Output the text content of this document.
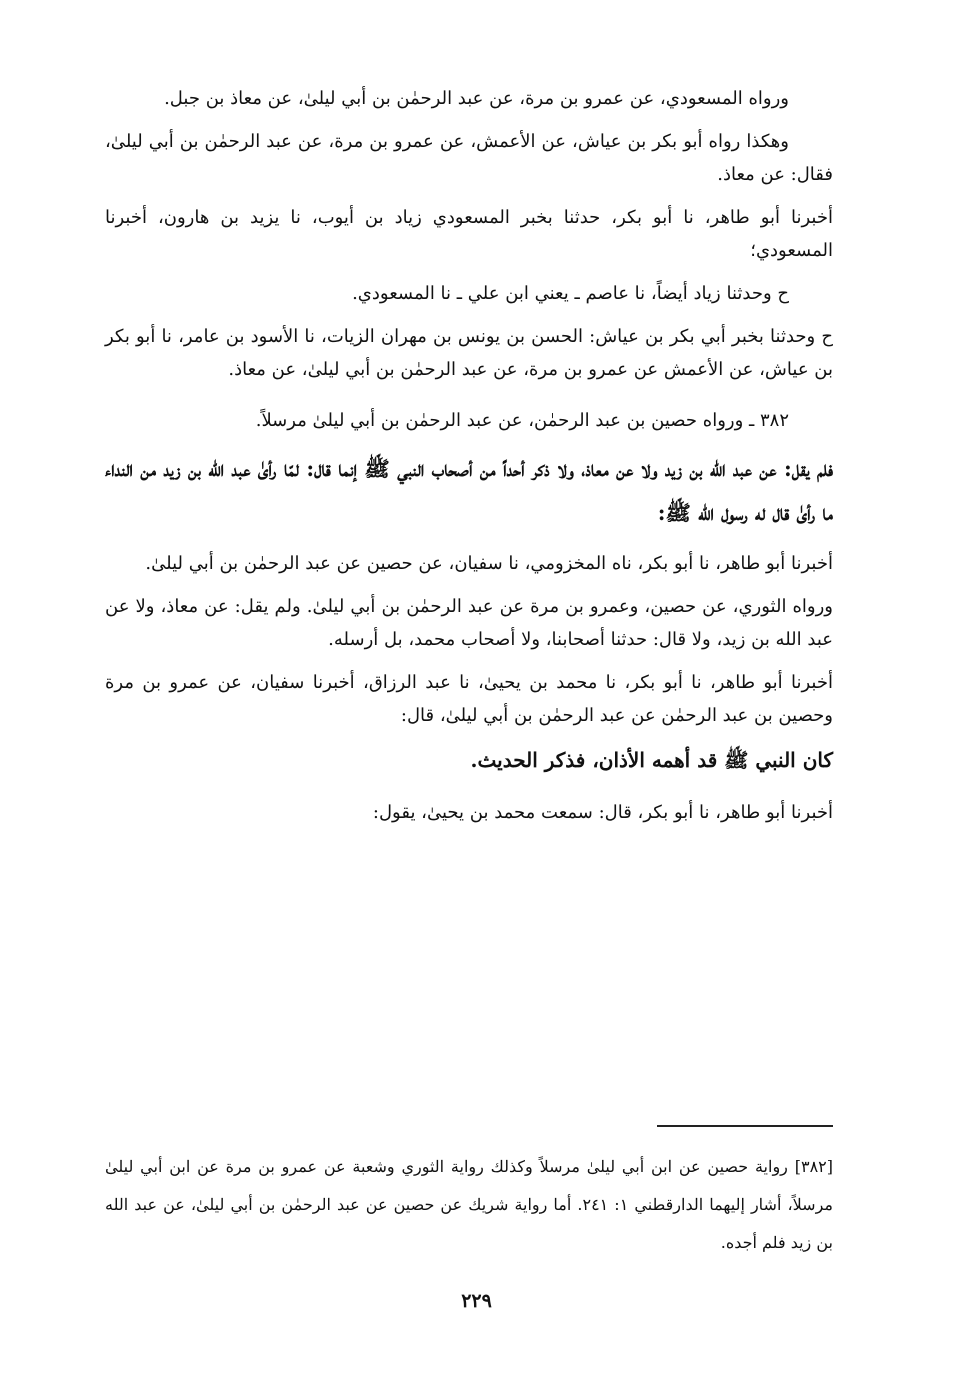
ورواه المسعودي، عن عمرو بن مرة، عن عبد الرحمٰن بن أبي ليلىٰ، عن معاذ بن جبل.

وهكذا رواه أبو بكر بن عياش، عن الأعمش، عن عمرو بن مرة، عن عبد الرحمٰن بن أبي ليلىٰ، فقال: عن معاذ.

أخبرنا أبو طاهر، نا أبو بكر، حدثنا بخبر المسعودي زياد بن أيوب، نا يزيد بن هارون، أخبرنا المسعودي؛

ح وحدثنا زياد أيضاً، نا عاصم ـ يعني ابن علي ـ نا المسعودي.

ح وحدثنا بخبر أبي بكر بن عياش: الحسن بن يونس بن مهران الزيات، نا الأسود بن عامر، نا أبو بكر بن عياش، عن الأعمش عن عمرو بن مرة، عن عبد الرحمٰن بن أبي ليلىٰ، عن معاذ.

٣٨٢ ـ ورواه حصين بن عبد الرحمٰن، عن عبد الرحمٰن بن أبي ليلىٰ مرسلاً.

فلم يقل: عن عبد الله بن زيد ولا عن معاذ، ولا ذكر أحداً من أصحاب النبي ﷺ إنما قال: لمّا رأىٰ عبد الله بن زيد من النداء ما رأىٰ قال له رسول الله ﷺ:

أخبرنا أبو طاهر، نا أبو بكر، ناه المخزومي، نا سفيان، عن حصين عن عبد الرحمٰن بن أبي ليلىٰ.

ورواه الثوري، عن حصين، وعمرو بن مرة عن عبد الرحمٰن بن أبي ليلىٰ. ولم يقل: عن معاذ، ولا عن عبد الله بن زيد، ولا قال: حدثنا أصحابنا، ولا أصحاب محمد، بل أرسله.

أخبرنا أبو طاهر، نا أبو بكر، نا محمد بن يحيىٰ، نا عبد الرزاق، أخبرنا سفيان، عن عمرو بن مرة وحصين بن عبد الرحمٰن عن عبد الرحمٰن بن أبي ليلىٰ، قال:

كان النبي ﷺ قد أهمه الأذان، فذكر الحديث.

أخبرنا أبو طاهر، نا أبو بكر، قال: سمعت محمد بن يحيىٰ، يقول:

[٣٨٢] رواية حصين عن ابن أبي ليلىٰ مرسلاً وكذلك رواية الثوري وشعبة عن عمرو بن مرة عن ابن أبي ليلىٰ مرسلاً، أشار إليهما الدارقطني ١: ٢٤١. أما رواية شريك عن حصين عن عبد الرحمٰن بن أبي ليلىٰ، عن عبد الله بن زيد فلم أجده.
٢٢٩
